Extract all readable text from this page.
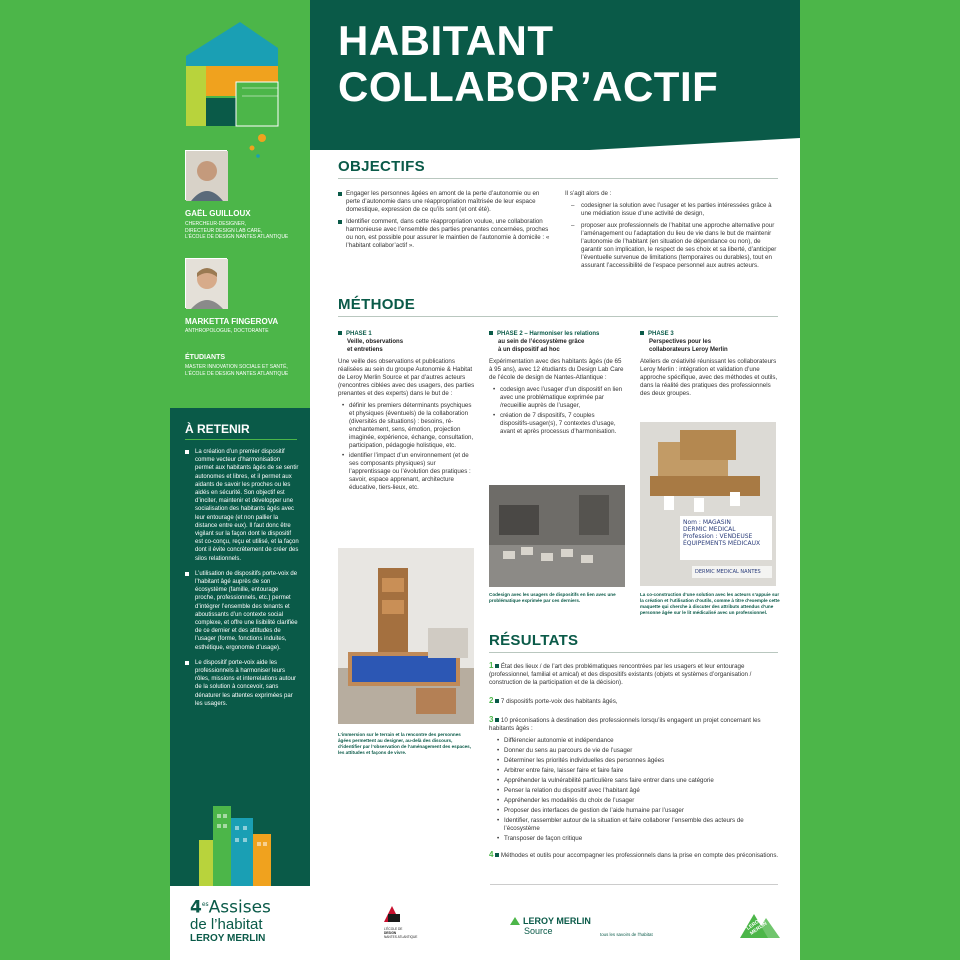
HABITANT
COLLABOR’ACTIF
GAËL GUILLOUX
CHERCHEUR-DESIGNER,
DIRECTEUR DESIGN LAB CARE,
L’ÉCOLE DE DESIGN NANTES ATLANTIQUE
MARKETTA FINGEROVA
ANTHROPOLOGUE, DOCTORANTE
ÉTUDIANTS
MASTER INNOVATION SOCIALE ET SANTÉ,
L’ÉCOLE DE DESIGN NANTES ATLANTIQUE
À RETENIR
La création d’un premier dispositif comme vecteur d’harmonisation permet aux habitants âgés de se sentir autonomes et libres, et il permet aux aidants de savoir les proches ou les aidés en sécurité. Son objectif est d’inciter, maintenir et développer une socialisation des habitants âgés avec leur entourage (et non pallier la distance entre eux). Il faut donc être vigilant sur la façon dont le dispositif est co-conçu, reçu et utilisé, et la façon dont il évite concrètement de créer des silos relationnels.
L’utilisation de dispositifs porte-voix de l’habitant âgé auprès de son écosystème (famille, entourage proche, professionnels, etc.) permet d’intégrer l’ensemble des tenants et aboutissants d’un contexte social complexe, et offre une lisibilité clarifiée de ce dernier et des attitudes de l’usager (forme, fonctions induites, esthétique, ergonomie d’usage).
Le dispositif porte-voix aide les professionnels à harmoniser leurs rôles, missions et interrelations autour de la solution à concevoir, sans dénaturer les attentes exprimées par les usagers.
$4^{es}Assises$
de l’habitat
LEROY MERLIN
OBJECTIFS
Engager les personnes âgées en amont de la perte d’autonomie ou en perte d’autonomie dans une réappropriation maîtrisée de leur espace domestique, expression de ce qu’ils sont (et ont été).
Identifier comment, dans cette réappropriation voulue, une collaboration harmonieuse avec l’ensemble des parties prenantes concernées, proches ou non, est possible pour assurer le maintien de l’autonomie à domicile : « l’habitant collabor’actif ».

Il s’agit alors de :

–	codesigner la solution avec l’usager et les parties intéressées grâce à une médiation issue d’une activité de design,
–	proposer aux professionnels de l’habitat une approche alternative pour l’aménagement ou l’adaptation du lieu de vie dans le but de maintenir l’autonomie de l’habitant (en situation de dépendance ou non), de garantir son implication, le respect de ses choix et sa liberté, d’anticiper l’éventuelle survenue de limitations (temporaires ou durables), tout en assurant l’accessibilité de l’espace personnel aux autres acteurs.
MÉTHODE
PHASE 1
Veille, observations
et entretiens

Une veille des observations et publications réalisées au sein du groupe Autonomie & Habitat de Leroy Merlin Source et par d’autres acteurs (rencontres ciblées avec des usagers, des parties prenantes et des experts) dans le but de :

• définir les premiers déterminants psychiques et physiques (éventuels) de la collaboration (diversités de situations) : besoins, ré-enchantement, sens, émotion, projection imaginée, expérience, échange, consultation, participation, pédagogie holistique, etc.
• identifier l’impact d’un environnement (et de ses composants physiques) sur l’apprentissage ou l’évolution des pratiques : savoir, espace apprenant, architecture éducative, tiers-lieux, etc.
L’immersion sur le terrain et la rencontre des personnes âgées permettent au designer, au-delà des discours, d’identifier par l’observation de l’aménagement des espaces, les attitudes et façons de vivre.
PHASE 2 – Harmoniser les relations
au sein de l’écosystème grâce
à un dispositif ad hoc

Expérimentation avec des habitants âgés (de 65 à 95 ans), avec 12 étudiants du Design Lab Care de l’école de design de Nantes-Atlantique :

• codesign avec l’usager d’un dispositif en lien avec une problématique exprimée par /recueillie auprès de l’usager,
• création de 7 dispositifs, 7 couples dispositifs-usager(s), 7 contextes d’usage, avant et après processus d’harmonisation.
Codesign avec les usagers de dispositifs en lien avec une problématique exprimée par ces derniers.
PHASE 3
Perspectives pour les
collaborateurs Leroy Merlin

Ateliers de créativité réunissant les collaborateurs Leroy Merlin : intégration et validation d’une approche spécifique, avec des méthodes et outils, dans la réalité des pratiques des professionnels des deux groupes.

Nom : MAGASIN
DERMIC MEDICAL
Profession : VENDEUSE
ÉQUIPEMENTS MÉDICAUX
DERMIC MEDICAL NANTES
La co-construction d’une solution avec les acteurs s’appuie sur la création et l’utilisation d’outils, comme à titre d’exemple cette maquette qui cherche à discuter des attributs attendus d’une personne âgée sur le lit médicalisé avec un professionnel.
RÉSULTATS

1 État des lieux / de l’art des problématiques rencontrées par les usagers et leur entourage (professionnel, familial et amical) et des dispositifs existants (objets et systèmes d’organisation / construction de la participation et de la décision).

2 7 dispositifs porte-voix des habitants âgés,

3 10 préconisations à destination des professionnels lorsqu’ils engagent un projet concernant les habitants âgés :

• Différencier autonomie et indépendance
• Donner du sens au parcours de vie de l’usager
• Déterminer les priorités individuelles des personnes âgées
• Arbitrer entre faire, laisser faire et faire faire
• Appréhender la vulnérabilité particulière sans faire entrer dans une catégorie
• Penser la relation du dispositif avec l’habitant âgé
• Appréhender les modalités du choix de l’usager
• Proposer des interfaces de gestion de l’aide humaine par l’usager
• Identifier, rassembler autour de la situation et faire collaborer l’ensemble des acteurs de l’écosystème
• Transposer de façon critique

4 Méthodes et outils pour accompagner les professionnels dans la prise en compte des préconisations.

L’ÉCOLE DE
DESIGN
NANTES ATLANTIQUE
LEROY MERLIN
Source	tous les savoirs de l’habitat
LEROY MERLIN
